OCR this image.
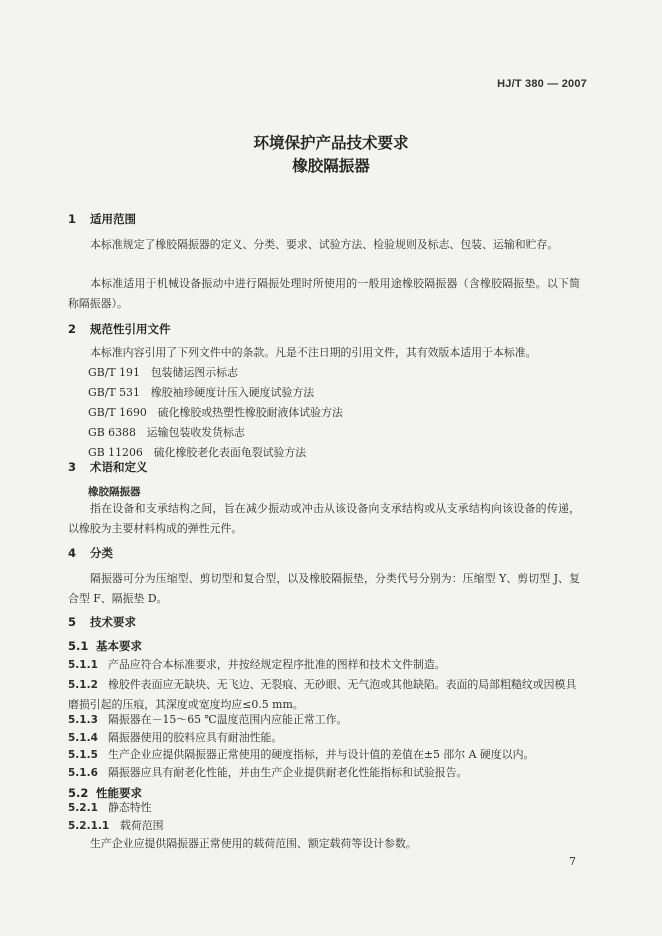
HJ/T 380 — 2007
环境保护产品技术要求
橡胶隔振器
1 适用范围
本标准规定了橡胶隔振器的定义、分类、要求、试验方法、检验规则及标志、包装、运输和贮存。
本标准适用于机械设备振动中进行隔振处理时所使用的一般用途橡胶隔振器（含橡胶隔振垫。以下简称隔振器）。
2 规范性引用文件
本标准内容引用了下列文件中的条款。凡是不注日期的引用文件，其有效版本适用于本标准。
GB/T 191　包装储运图示标志
GB/T 531　橡胶袖珍硬度计压入硬度试验方法
GB/T 1690　硫化橡胶或热塑性橡胶耐液体试验方法
GB 6388　运输包装收发货标志
GB 11206　硫化橡胶老化表面龟裂试验方法
3 术语和定义
橡胶隔振器
指在设备和支承结构之间，旨在减少振动或冲击从该设备向支承结构或从支承结构向该设备的传递，以橡胶为主要材料构成的弹性元件。
4 分类
隔振器可分为压缩型、剪切型和复合型，以及橡胶隔振垫，分类代号分别为：压缩型 Y、剪切型 J、复合型 F、隔振垫 D。
5 技术要求
5.1 基本要求
5.1.1 产品应符合本标准要求，并按经规定程序批准的图样和技术文件制造。
5.1.2 橡胶件表面应无缺块、无飞边、无裂痕、无砂眼、无气泡或其他缺陷。表面的局部粗糙纹或因模具磨损引起的压痕，其深度或宽度均应≤0.5 mm。
5.1.3 隔振器在－15～65 ℃温度范围内应能正常工作。
5.1.4 隔振器使用的胶料应具有耐油性能。
5.1.5 生产企业应提供隔振器正常使用的硬度指标，并与设计值的差值在±5 邵尔 A 硬度以内。
5.1.6 隔振器应具有耐老化性能，并由生产企业提供耐老化性能指标和试验报告。
5.2 性能要求
5.2.1 静态特性
5.2.1.1 载荷范围
生产企业应提供隔振器正常使用的载荷范围、额定载荷等设计参数。
7
